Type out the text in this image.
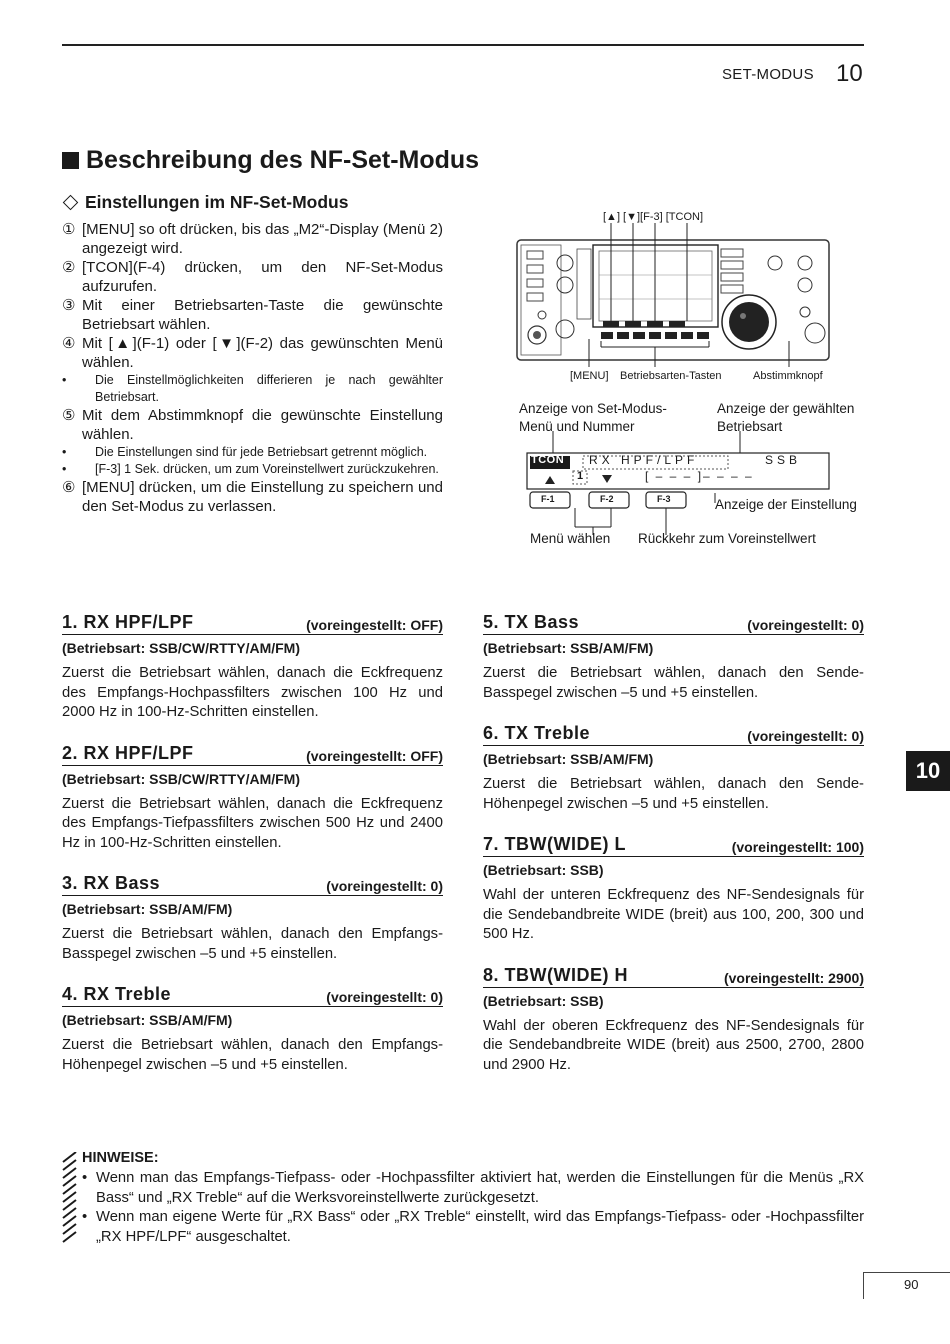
SET-MODUS 10
Beschreibung des NF-Set-Modus
Einstellungen im NF-Set-Modus
① [MENU] so oft drücken, bis das „M2“-Display (Menü 2) angezeigt wird.
② [TCON](F-4) drücken, um den NF-Set-Modus aufzurufen.
③ Mit einer Betriebsarten-Taste die gewünschte Betriebsart wählen.
④ Mit [▲](F-1) oder [▼](F-2) das gewünschten Menü wählen.
•	Die Einstellmöglichkeiten differieren je nach gewählter Betriebsart.
⑤ Mit dem Abstimmknopf die gewünschte Einstellung wählen.
•	Die Einstellungen sind für jede Betriebsart getrennt möglich.
•	[F-3] 1 Sek. drücken, um zum Voreinstellwert zurückzukehren.
⑥ [MENU] drücken, um die Einstellung zu speichern und den Set-Modus zu verlassen.
[▲] [▼][F-3] [TCON]
[MENU] Betriebsarten-Tasten	Abstimmknopf
Anzeige von Set-Modus-
Menü und Nummer
Anzeige der gewählten
Betriebsart
TCON RX HPF/LPF	SSB
1	[ – – – ]– – – –
F-1	F-2	F-3	Anzeige der Einstellung
Menü wählen Rückkehr zum Voreinstellwert
1. RX HPF/LPF	(voreingestellt: OFF)
(Betriebsart: SSB/CW/RTTY/AM/FM)
Zuerst die Betriebsart wählen, danach die Eckfrequenz des Empfangs-Hochpassfilters zwischen 100 Hz und 2000 Hz in 100-Hz-Schritten einstellen.
2. RX HPF/LPF	(voreingestellt: OFF)
(Betriebsart: SSB/CW/RTTY/AM/FM)
Zuerst die Betriebsart wählen, danach die Eckfrequenz des Empfangs-Tiefpassfilters zwischen 500 Hz und 2400 Hz in 100-Hz-Schritten einstellen.
3. RX Bass	(voreingestellt: 0)
(Betriebsart: SSB/AM/FM)
Zuerst die Betriebsart wählen, danach den Empfangs-Basspegel zwischen –5 und +5 einstellen.
4. RX Treble	(voreingestellt: 0)
(Betriebsart: SSB/AM/FM)
Zuerst die Betriebsart wählen, danach den Empfangs-Höhenpegel zwischen –5 und +5 einstellen.
5. TX Bass	(voreingestellt: 0)
(Betriebsart: SSB/AM/FM)
Zuerst die Betriebsart wählen, danach den Sende-Basspegel zwischen –5 und +5 einstellen.
6. TX Treble	(voreingestellt: 0)
(Betriebsart: SSB/AM/FM)
Zuerst die Betriebsart wählen, danach den Sende-Höhenpegel zwischen –5 und +5 einstellen.
7. TBW(WIDE) L	(voreingestellt: 100)
(Betriebsart: SSB)
Wahl der unteren Eckfrequenz des NF-Sendesignals für die Sendebandbreite WIDE (breit) aus 100, 200, 300 und 500 Hz.
8. TBW(WIDE) H	(voreingestellt: 2900)
(Betriebsart: SSB)
Wahl der oberen Eckfrequenz des NF-Sendesignals für die Sendebandbreite WIDE (breit) aus 2500, 2700, 2800 und 2900 Hz.
10
HINWEISE:
• Wenn man das Empfangs-Tiefpass- oder -Hochpassfilter aktiviert hat, werden die Einstellungen für die Menüs „RX Bass“ und „RX Treble“ auf die Werksvoreinstellwerte zurückgesetzt.
• Wenn man eigene Werte für „RX Bass“ oder „RX Treble“ einstellt, wird das Empfangs-Tiefpass- oder -Hochpassfilter „RX HPF/LPF“ ausgeschaltet.
90
